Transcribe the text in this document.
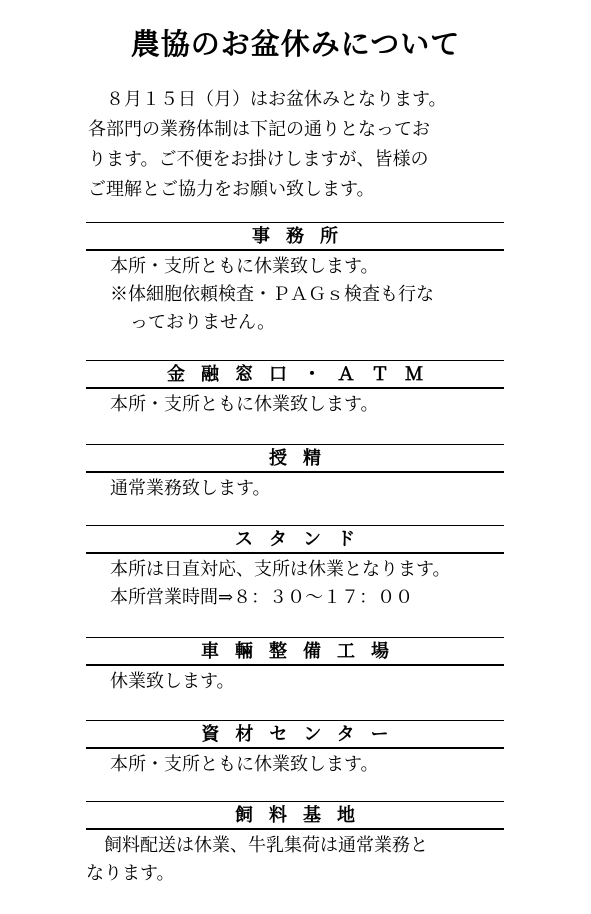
農協のお盆休みについて

　８月１５日（月）はお盆休みとなります。

各部門の業務体制は下記の通りとなってお

ります。ご不便をお掛けしますが、皆様の

ご理解とご協力をお願い致します。

事務所

本所・支所ともに休業致します。

※体細胞依頼検査・ＰＡＧｓ検査も行な

っておりません。

金融窓口・ＡＴＭ

本所・支所ともに休業致します。

授精

通常業務致します。

スタンド

本所は日直対応、支所は休業となります。

本所営業時間⇒８：３０～１７：００

車輛整備工場

休業致します。

資材センター

本所・支所ともに休業致します。

飼料基地

　飼料配送は休業、牛乳集荷は通常業務と

なります。
